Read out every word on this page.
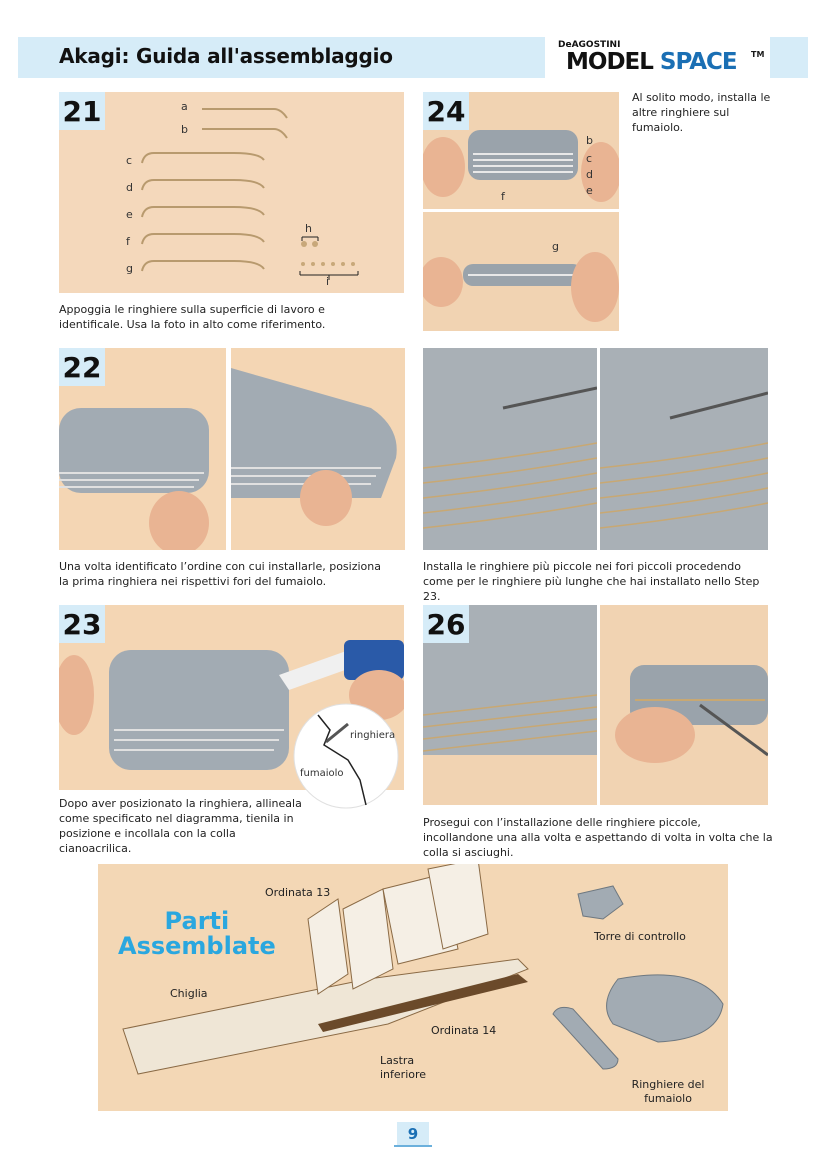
Akagi: Guida all'assemblaggio	DeAGOSTINI
MODEL SPACE TM
21	a
b
c
d
e
f
g
h
i
Appoggia le ringhiere sulla superficie di lavoro e identificale. Usa la foto in alto come riferimento.
24
b
c
d
e
f
g
Al solito modo, installa le altre ringhiere sul fumaiolo.
22
Una volta identificato l’ordine con cui installarle, posiziona la prima ringhiera nei rispettivi fori del fumaiolo.
Installa le ringhiere più piccole nei fori piccoli procedendo come per le ringhiere più lunghe che hai installato nello Step 23.
23
ringhiera
fumaiolo
Dopo aver posizionato la ringhiera, allineala come specificato nel diagramma, tienila in posizione e incollala con la colla cianoacrilica.
26
Prosegui con l’installazione delle ringhiere piccole, incollandone una alla volta e aspettando di volta in volta che la colla si asciughi.
Parti
Assemblate
Ordinata 13
Torre di controllo
Chiglia
Ordinata 14
Lastra
inferiore
Ringhiere del
fumaiolo
9
